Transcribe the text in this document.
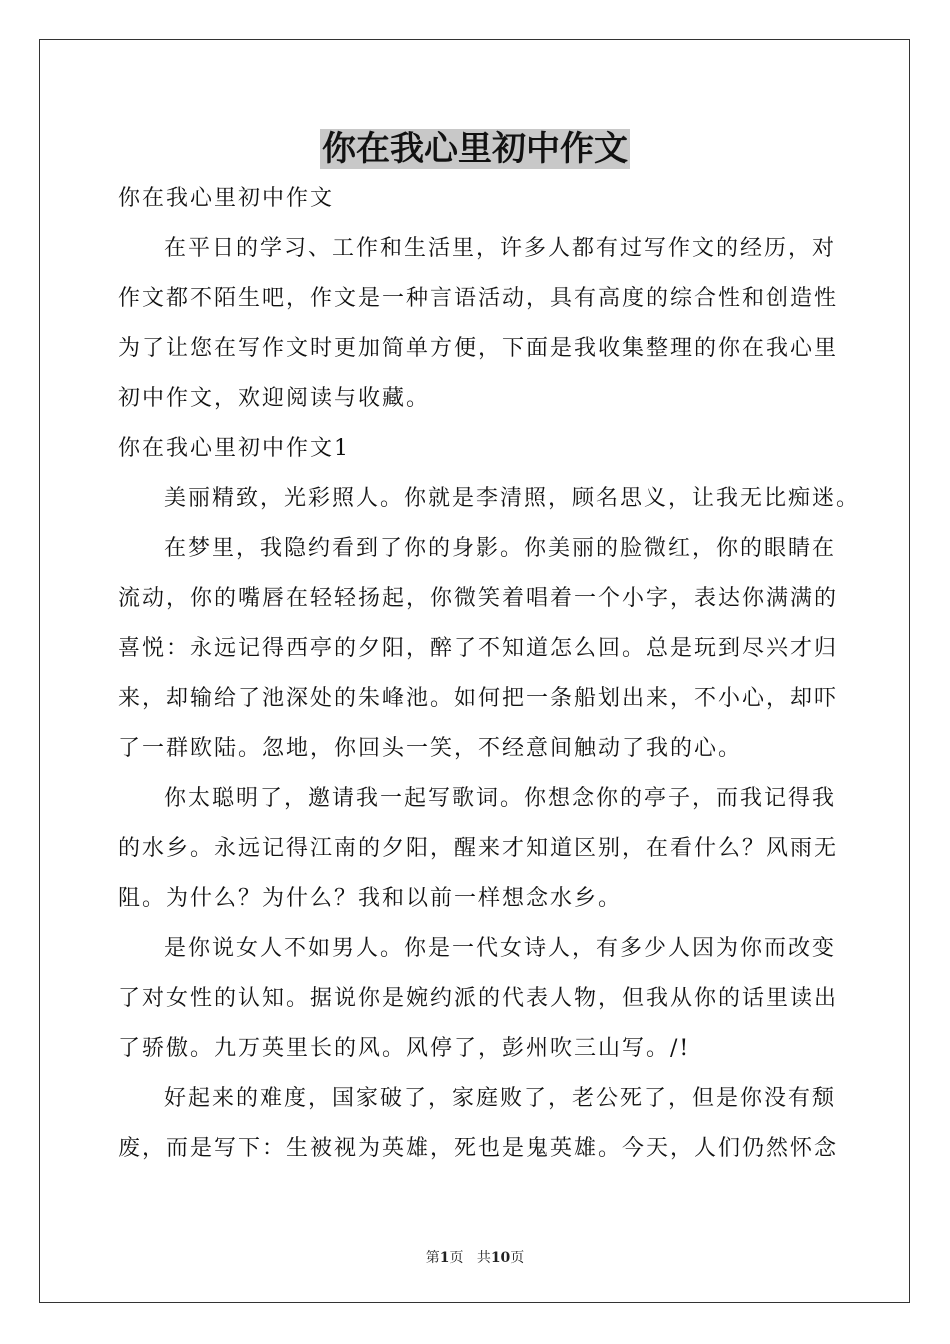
你在我心里初中作文

你在我心里初中作文

在平日的学习、工作和生活里，许多人都有过写作文的经历，对

作文都不陌生吧，作文是一种言语活动，具有高度的综合性和创造性

为了让您在写作文时更加简单方便，下面是我收集整理的你在我心里

初中作文，欢迎阅读与收藏。

你在我心里初中作文1

美丽精致，光彩照人。你就是李清照，顾名思义，让我无比痴迷。

在梦里，我隐约看到了你的身影。你美丽的脸微红，你的眼睛在

流动，你的嘴唇在轻轻扬起，你微笑着唱着一个小字，表达你满满的

喜悦：永远记得西亭的夕阳，醉了不知道怎么回。总是玩到尽兴才归

来，却输给了池深处的朱峰池。如何把一条船划出来，不小心，却吓

了一群欧陆。忽地，你回头一笑，不经意间触动了我的心。

你太聪明了，邀请我一起写歌词。你想念你的亭子，而我记得我

的水乡。永远记得江南的夕阳，醒来才知道区别，在看什么？风雨无

阻。为什么？为什么？我和以前一样想念水乡。

是你说女人不如男人。你是一代女诗人，有多少人因为你而改变

了对女性的认知。据说你是婉约派的代表人物，但我从你的话里读出

了骄傲。九万英里长的风。风停了，彭州吹三山写。/!

好起来的难度，国家破了，家庭败了，老公死了，但是你没有颓

废，而是写下：生被视为英雄，死也是鬼英雄。今天，人们仍然怀念

第1页 共10页
